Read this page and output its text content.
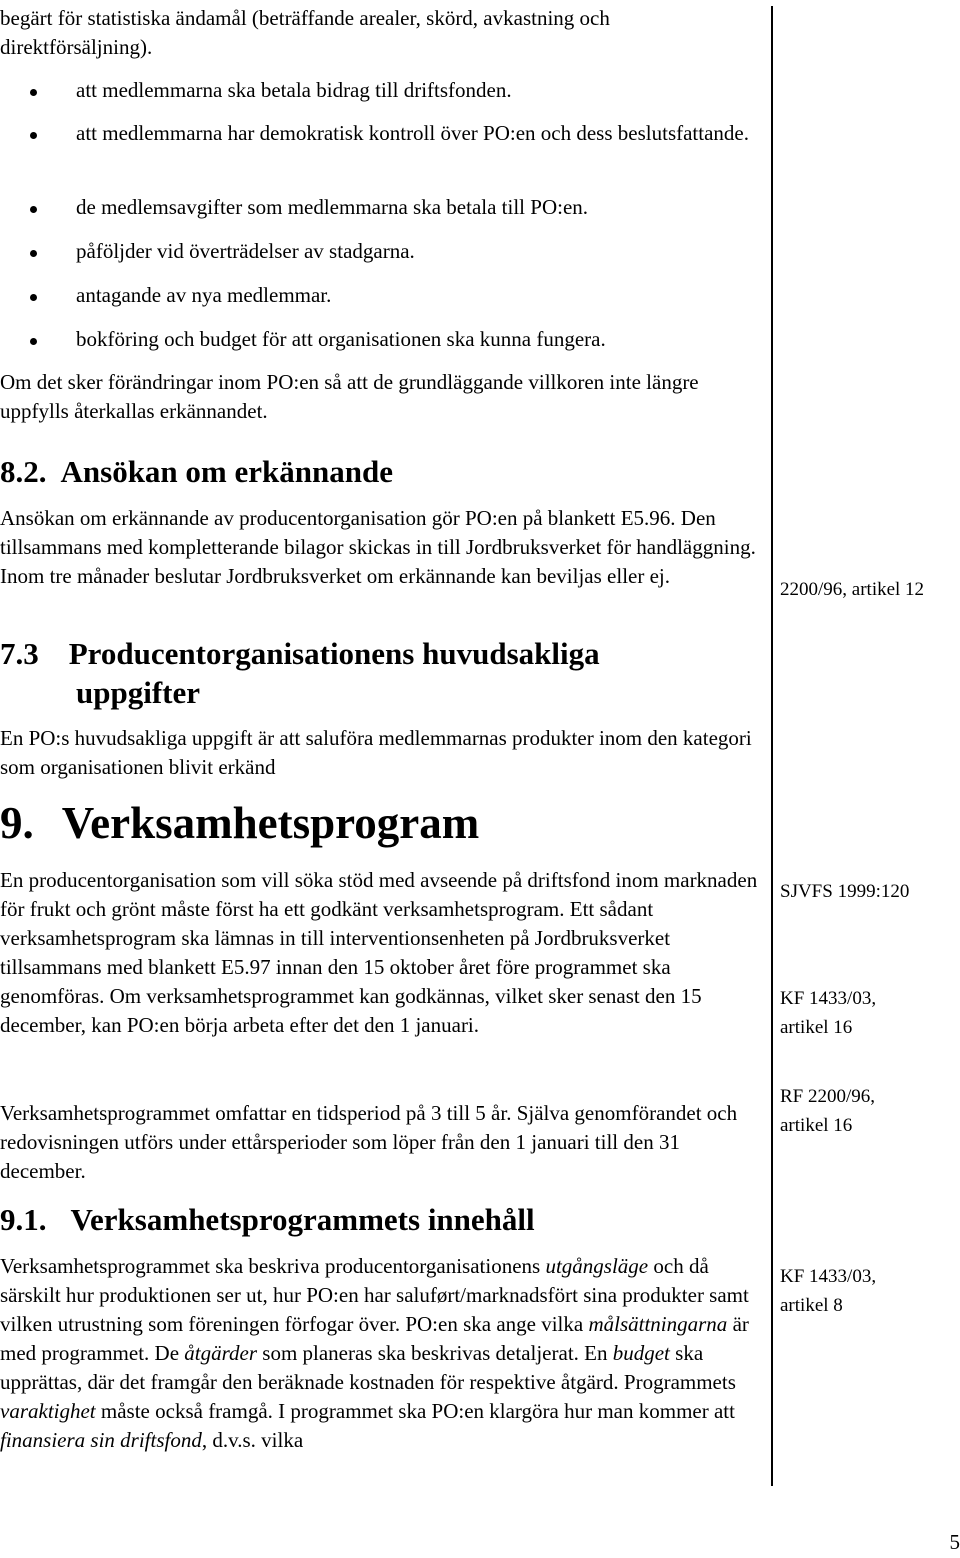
begärt för statistiska ändamål (beträffande arealer, skörd, avkastning och direktförsäljning).

att medlemmarna ska betala bidrag till driftsfonden.
att medlemmarna har demokratisk kontroll över PO:en och dess beslutsfattande.
de medlemsavgifter som medlemmarna ska betala till PO:en.
påföljder vid överträdelser av stadgarna.
antagande av nya medlemmar.
bokföring och budget för att organisationen ska kunna fungera.

Om det sker förändringar inom PO:en så att de grundläggande villkoren inte längre uppfylls återkallas erkännandet.

8.2. Ansökan om erkännande

Ansökan om erkännande av producentorganisation gör PO:en på blankett E5.96. Den tillsammans med kompletterande bilagor skickas in till Jordbruksverket för handläggning. Inom tre månader beslutar Jordbruksverket om erkännande kan beviljas eller ej.

7.3 Producentorganisationens huvudsakliga
uppgifter

En PO:s huvudsakliga uppgift är att saluföra medlemmarnas produkter inom den kategori som organisationen blivit erkänd

9. Verksamhetsprogram

En producentorganisation som vill söka stöd med avseende på driftsfond inom marknaden för frukt och grönt måste först ha ett godkänt verksamhetsprogram. Ett sådant verksamhetsprogram ska lämnas in till interventionsenheten på Jordbruksverket tillsammans med blankett E5.97 innan den 15 oktober året före programmet ska genomföras. Om verksamhetsprogrammet kan godkännas, vilket sker senast den 15 december, kan PO:en börja arbeta efter det den 1 januari.

Verksamhetsprogrammet omfattar en tidsperiod på 3 till 5 år. Själva genomförandet och redovisningen utförs under ettårsperioder som löper från den 1 januari till den 31 december.

9.1. Verksamhetsprogrammets innehåll

Verksamhetsprogrammet ska beskriva producentorganisationens utgångsläge och då särskilt hur produktionen ser ut, hur PO:en har saluført/marknadsfört sina produkter samt vilken utrustning som föreningen förfogar över. PO:en ska ange vilka målsättningarna är med programmet. De åtgärder som planeras ska beskrivas detaljerat. En budget ska upprättas, där det framgår den beräknade kostnaden för respektive åtgärd. Programmets varaktighet måste också framgå. I programmet ska PO:en klargöra hur man kommer att finansiera sin driftsfond, d.v.s. vilka

2200/96, artikel 12
SJVFS 1999:120
KF 1433/03,
artikel 16
RF 2200/96,
artikel 16
KF 1433/03,
artikel 8
5
